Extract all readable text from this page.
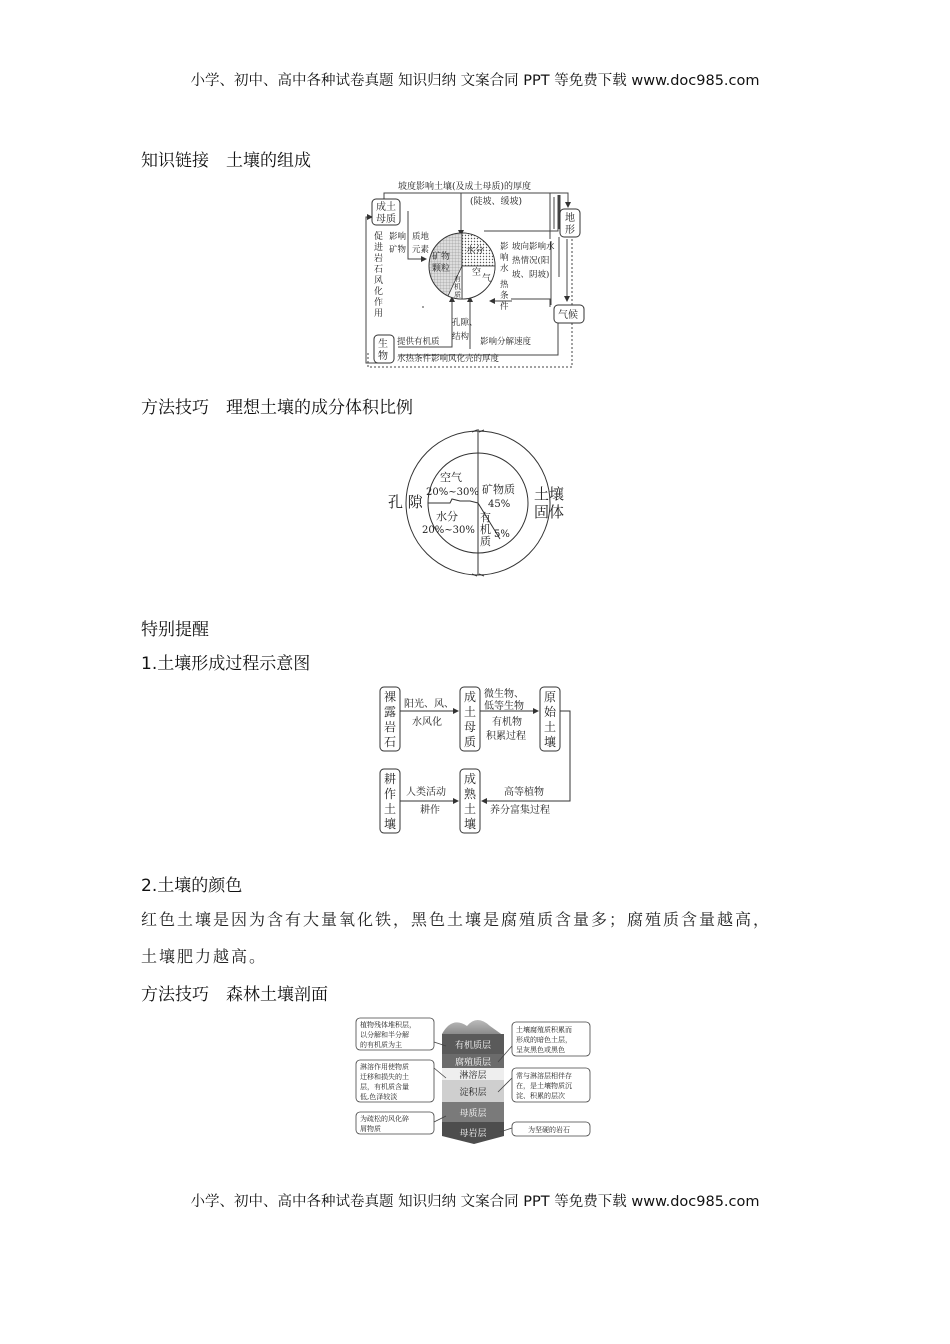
小学、初中、高中各种试卷真题 知识归纳 文案合同 PPT 等免费下载 www.doc985.com
小学、初中、高中各种试卷真题 知识归纳 文案合同 PPT 等免费下载 www.doc985.com
知识链接　土壤的组成
方法技巧　理想土壤的成分体积比例
特别提醒
1.土壤形成过程示意图
2.土壤的颜色
红色土壤是因为含有大量氧化铁，黑色土壤是腐殖质含量多；腐殖质含量越高，
土壤肥力越高。
方法技巧　森林土壤剖面
矿物
颗粒
水分
空
气
有
机
质
成土
母质	地
形
气候
生
物
坡度影响土壤(及成土母质)的厚度
(陡坡、缓坡)
促
进
岩
石
风
化
作
用
影响
矿物
质地
元素	影
响
水
热
条
件
坡向影响水
热情况(阳
坡、阴坡)
孔隙、
结构
提供有机质	影响分解速度
水热条件影响风化壳的厚度
孔 隙	土壤
固体
空气
20%~30%
水分
20%~30%
矿物质
45%
有
机
质
5%
裸
露
岩
石
成
土
母
质
原
始
土
壤
成
熟
土
壤
耕
作
土
壤
阳光、风、
水风化
微生物、
低等生物
有机物
积累过程
高等植物
养分富集过程
人类活动
耕作
有机质层
腐殖质层
淋溶层
淀积层
母质层
母岩层
植物残体堆积层，
以分解和半分解
的有机质为主
淋溶作用使物质
迁移和损失的土
层，有机质含量
低,色泽较淡
为疏松的风化碎
屑物质
土壤腐殖质积累而
形成的暗色土层，
呈灰黑色或黑色
常与淋溶层相伴存
在，是土壤物质沉
淀、积累的层次
为坚硬的岩石
